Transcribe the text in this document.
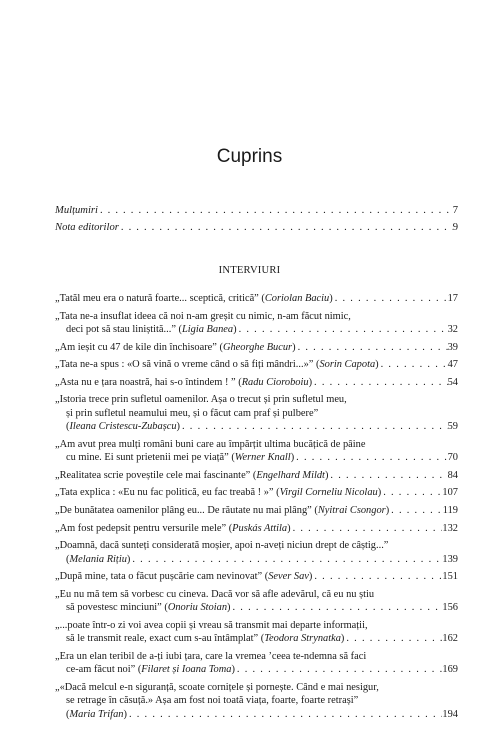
Cuprins
Mulțumiri . . .	7
Nota editorilor . . .	9
INTERVIURI
„Tatăl meu era o natură foarte... sceptică, critică” (Coriolan Baciu) . . .	17
„Tata ne-a insuflat ideea că noi n-am greșit cu nimic, n-am făcut nimic,
deci pot să stau liniștită...” (Ligia Banea) . . .	32
„Am ieșit cu 47 de kile din închisoare” (Gheorghe Bucur) . . .	39
„Tata ne-a spus : «O să vină o vreme când o să fiți mândri...»” (Sorin Capota) . . .	47
„Asta nu e țara noastră, hai s-o întindem ! ” (Radu Cioroboiu) . . .	54
„Istoria trece prin sufletul oamenilor. Așa o trecut și prin sufletul meu,
și prin sufletul neamului meu, și o făcut cam praf și pulbere”
(Ileana Cristescu-Zubașcu) . . .	59
„Am avut prea mulți români buni care au împărțit ultima bucățică de pâine
cu mine. Ei sunt prietenii mei pe viață” (Werner Knall) . . .	70
„Realitatea scrie poveștile cele mai fascinante” (Engelhard Mildt) . . .	84
„Tata explica : «Eu nu fac politică, eu fac treabă ! »” (Virgil Corneliu Nicolau) . . .	107
„De bunătatea oamenilor plâng eu... De răutate nu mai plâng” (Nyitrai Csongor) . . .	119
„Am fost pedepsit pentru versurile mele” (Puskás Attila) . . .	132
„Doamnă, dacă sunteți considerată moșier, apoi n-aveți niciun drept de câștig...”
(Melania Rițiu) . . .	139
„După mine, tata o făcut pușcărie cam nevinovat” (Sever Sav) . . .	151
„Eu nu mă tem să vorbesc cu cineva. Dacă vor să afle adevărul, că eu nu știu
să povestesc minciuni” (Onoriu Stoian) . . .	156
„...poate într-o zi voi avea copii și vreau să transmit mai departe informații,
să le transmit reale, exact cum s-au întâmplat” (Teodora Strynatka) . . .	162
„Era un elan teribil de a-ți iubi țara, care la vremea ’ceea te-ndemna să faci
ce-am făcut noi” (Filaret și Ioana Toma) . . .	169
„«Dacă melcul e-n siguranță, scoate cornițele și pornește. Când e mai nesigur,
se retrage în căsuță.» Așa am fost noi toată viața, foarte, foarte retrași”
(Maria Trifan) . . .	194
